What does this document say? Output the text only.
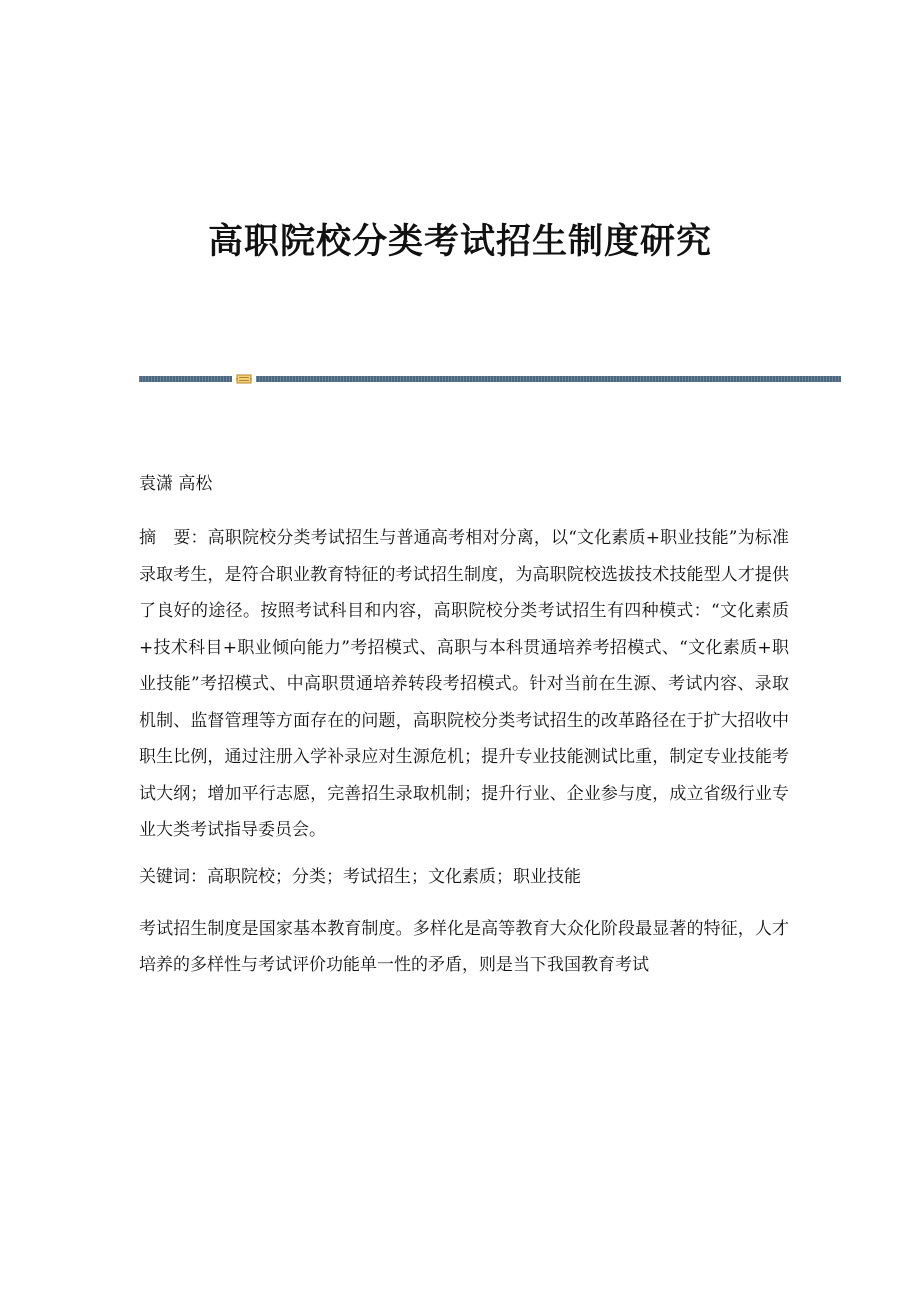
高职院校分类考试招生制度研究

袁潇 高松

摘　要：高职院校分类考试招生与普通高考相对分离，以“文化素质+职业技能”为标准录取考生，是符合职业教育特征的考试招生制度，为高职院校选拔技术技能型人才提供了良好的途径。按照考试科目和内容，高职院校分类考试招生有四种模式：“文化素质+技术科目+职业倾向能力”考招模式、高职与本科贯通培养考招模式、“文化素质+职业技能”考招模式、中高职贯通培养转段考招模式。针对当前在生源、考试内容、录取机制、监督管理等方面存在的问题，高职院校分类考试招生的改革路径在于扩大招收中职生比例，通过注册入学补录应对生源危机；提升专业技能测试比重，制定专业技能考试大纲；增加平行志愿，完善招生录取机制；提升行业、企业参与度，成立省级行业专业大类考试指导委员会。

关键词：高职院校；分类；考试招生；文化素质；职业技能

考试招生制度是国家基本教育制度。多样化是高等教育大众化阶段最显著的特征，人才培养的多样性与考试评价功能单一性的矛盾，则是当下我国教育考试
